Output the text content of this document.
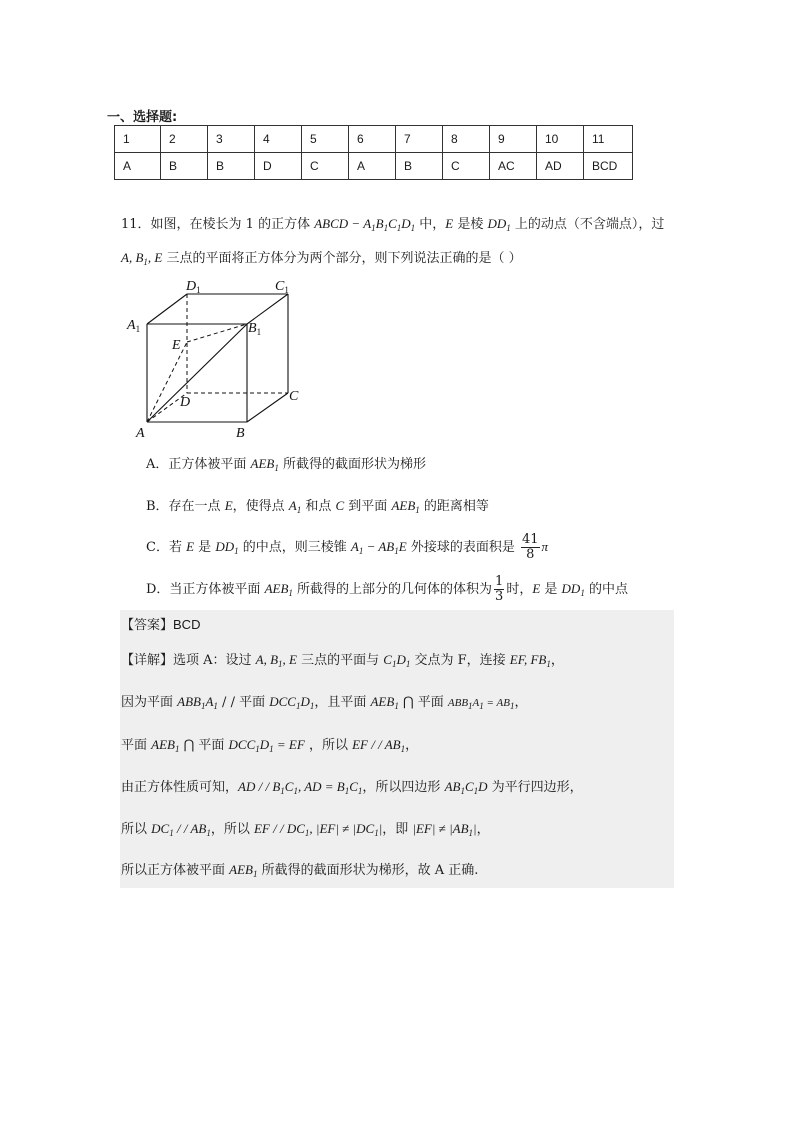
一、选择题:
1	2	3	4	5	6	7	8	9	10	11
A	B	B	D	C	A	B	C	AC	AD	BCD
11．如图，在棱长为 1 的正方体 ABCD − $A_1B_1C_1D_1$ 中，E 是棱 $DD_1$ 上的动点（不含端点），过
A, $B_1$, E 三点的平面将正方体分为两个部分，则下列说法正确的是（ ）
$D_1$	$C_1$
$A_1$	$B_1$
E
D	C
A	B
A．正方体被平面 $AEB_1$ 所截得的截面形状为梯形
B．存在一点 E，使得点 $A_1$ 和点 C 到平面 $AEB_1$ 的距离相等
C．若 E 是 $DD_1$ 的中点，则三棱锥 $A_1 - AB_1E$ 外接球的表面积是 $\frac{41}{8}$ π
D．当正方体被平面 $AEB_1$ 所截得的上部分的几何体的体积为 $\frac{1}{3}$ 时，E 是 $DD_1$ 的中点
【答案】BCD
【详解】选项 A：设过 A, $B_1$, E 三点的平面与 $C_1D_1$ 交点为 F，连接 EF, $FB_1$，
因为平面 $ABB_1A_1$ / / 平面 $DCC_1D_1$，且平面 $AEB_1$ ⋂ 平面 $ABB_1A_1 = AB_1$，
平面 $AEB_1$ ⋂ 平面 $DCC_1D_1$ = EF ，所以 EF / / $AB_1$，
由正方体性质可知，AD / / $B_1C_1$, AD = $B_1C_1$，所以四边形 $AB_1C_1D$ 为平行四边形，
所以 $DC_1$ / / $AB_1$，所以 EF / / $DC_1$, $|EF| \ne |DC_1|$，即 $|EF| \ne |AB_1|$，
所以正方体被平面 $AEB_1$ 所截得的截面形状为梯形，故 A 正确.
